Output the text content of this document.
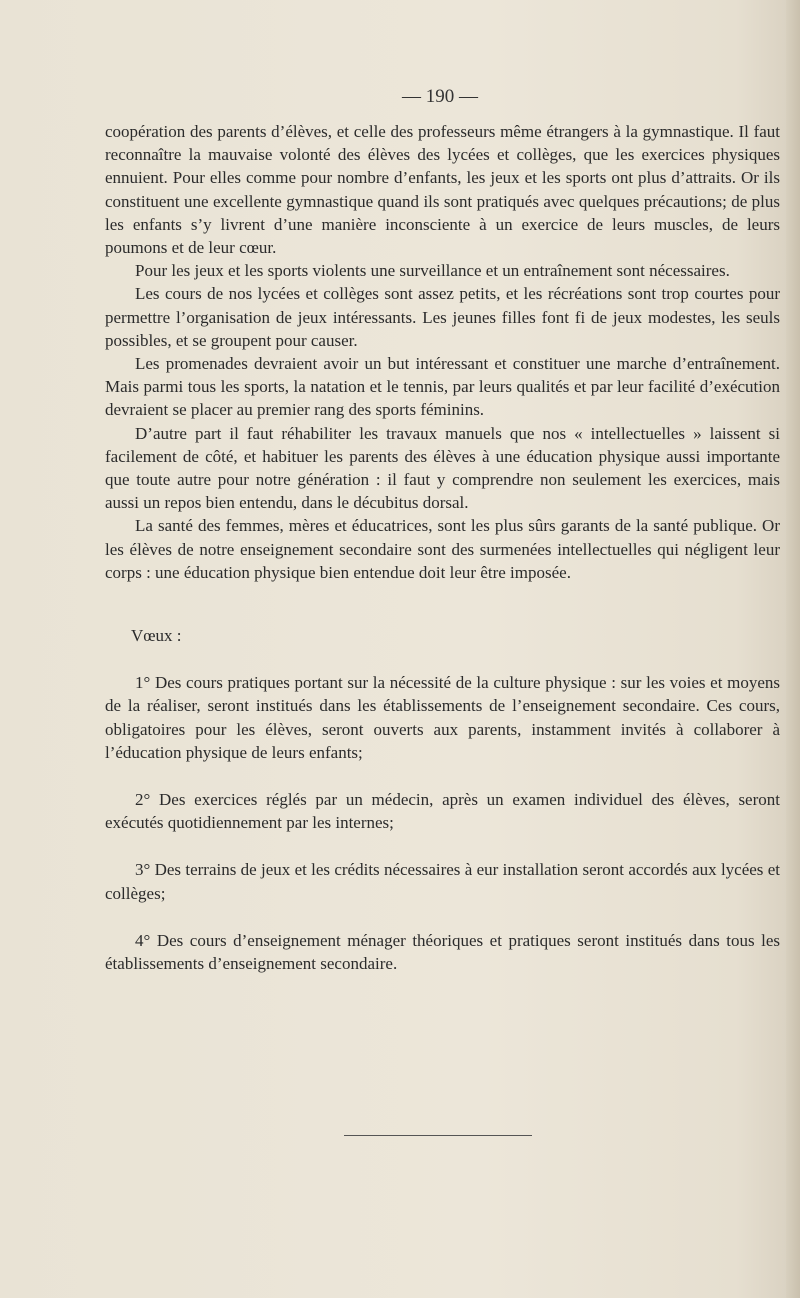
— 190 —

coopération des parents d’élèves, et celle des professeurs même étrangers à la gymnastique. Il faut reconnaître la mauvaise volonté des élèves des lycées et collèges, que les exercices physiques ennuient. Pour elles comme pour nombre d’enfants, les jeux et les sports ont plus d’attraits. Or ils constituent une excellente gymnastique quand ils sont pratiqués avec quelques précautions; de plus les enfants s’y livrent d’une manière inconsciente à un exercice de leurs muscles, de leurs poumons et de leur cœur.

Pour les jeux et les sports violents une surveillance et un entraînement sont nécessaires.

Les cours de nos lycées et collèges sont assez petits, et les récréations sont trop courtes pour permettre l’organisation de jeux intéressants. Les jeunes filles font fi de jeux modestes, les seuls possibles, et se groupent pour causer.

Les promenades devraient avoir un but intéressant et constituer une marche d’entraînement. Mais parmi tous les sports, la natation et le tennis, par leurs qualités et par leur facilité d’exécution devraient se placer au premier rang des sports féminins.

D’autre part il faut réhabiliter les travaux manuels que nos « intellectuelles » laissent si facilement de côté, et habituer les parents des élèves à une éducation physique aussi importante que toute autre pour notre génération : il faut y comprendre non seulement les exercices, mais aussi un repos bien entendu, dans le décubitus dorsal.

La santé des femmes, mères et éducatrices, sont les plus sûrs garants de la santé publique. Or les élèves de notre enseignement secondaire sont des surmenées intellectuelles qui négligent leur corps : une éducation physique bien entendue doit leur être imposée.

Vœux :

1° Des cours pratiques portant sur la nécessité de la culture physique : sur les voies et moyens de la réaliser, seront institués dans les établissements de l’enseignement secondaire. Ces cours, obligatoires pour les élèves, seront ouverts aux parents, instamment invités à collaborer à l’éducation physique de leurs enfants;

2° Des exercices réglés par un médecin, après un examen individuel des élèves, seront exécutés quotidiennement par les internes;

3° Des terrains de jeux et les crédits nécessaires à eur installation seront accordés aux lycées et collèges;

4° Des cours d’enseignement ménager théoriques et pratiques seront institués dans tous les établissements d’enseignement secondaire.
